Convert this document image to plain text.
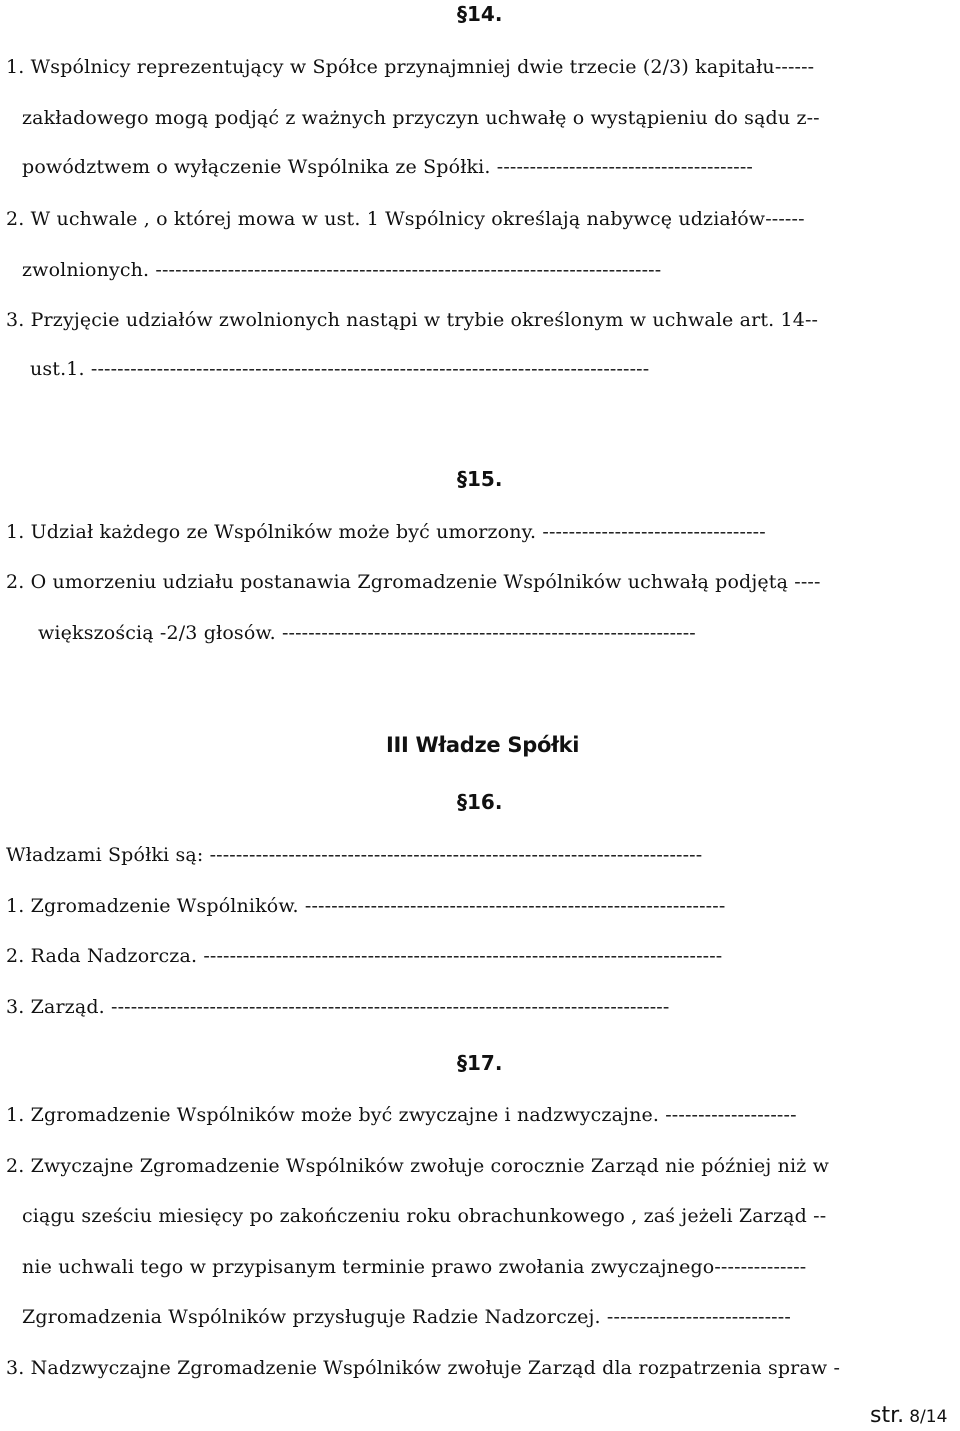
§14.
1. Wspólnicy reprezentujący w Spółce przynajmniej dwie trzecie (2/3) kapitału------
zakładowego mogą podjąć z ważnych przyczyn uchwałę o wystąpieniu do sądu z--
powództwem o wyłączenie Wspólnika ze Spółki. ---------------------------------------
2. W uchwale , o której mowa w ust. 1 Wspólnicy określają nabywcę udziałów------
zwolnionych. -----------------------------------------------------------------------------
3. Przyjęcie udziałów zwolnionych nastąpi w trybie określonym w uchwale art. 14--
ust.1. -------------------------------------------------------------------------------------
§15.
1. Udział każdego ze Wspólników może być umorzony. ----------------------------------
2. O umorzeniu udziału postanawia Zgromadzenie Wspólników uchwałą podjętą ----
większością -2/3 głosów. ---------------------------------------------------------------
III Władze Spółki
§16.
Władzami Spółki są: ---------------------------------------------------------------------------
1. Zgromadzenie Wspólników. ----------------------------------------------------------------
2. Rada Nadzorcza. -------------------------------------------------------------------------------
3. Zarząd. -------------------------------------------------------------------------------------
§17.
1. Zgromadzenie Wspólników może być zwyczajne i nadzwyczajne. --------------------
2. Zwyczajne Zgromadzenie Wspólników zwołuje corocznie Zarząd nie później niż w
ciągu sześciu miesięcy po zakończeniu roku obrachunkowego , zaś jeżeli Zarząd --
nie uchwali tego w przypisanym terminie prawo zwołania zwyczajnego--------------
Zgromadzenia Wspólników przysługuje Radzie Nadzorczej. ----------------------------
3. Nadzwyczajne Zgromadzenie Wspólników zwołuje Zarząd dla rozpatrzenia spraw -
str. 8/14
